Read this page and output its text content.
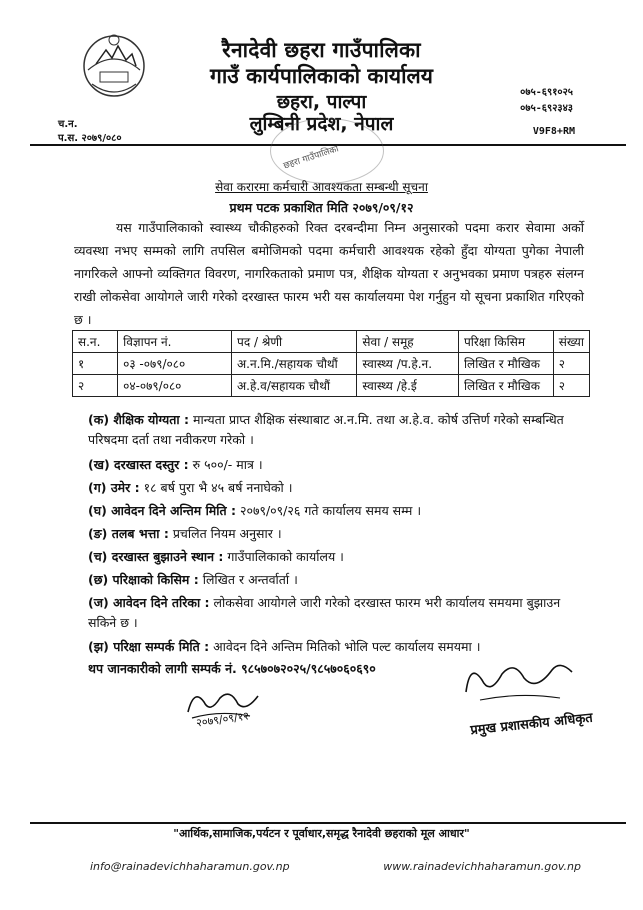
रैनादेवी छहरा गाउँपालिका
गाउँ कार्यपालिकाको कार्यालय
छहरा, पाल्पा
लुम्बिनी प्रदेश, नेपाल
०७५-६९१०२५
०७५-६९२३४३
V9F8+RM
च.न.
प.स. २०७९/०८०
छहरा गाउँपालिका
सेवा करारमा कर्मचारी आवश्यकता सम्बन्धी सूचना
प्रथम पटक प्रकाशित मिति २०७९/०९/१२
यस गाउँपालिकाको स्वास्थ्य चौकीहरुको रिक्त दरबन्दीमा निम्न अनुसारको पदमा करार सेवामा अर्को व्यवस्था नभए सम्मको लागि तपसिल बमोजिमको पदमा कर्मचारी आवश्यक रहेको हुँदा योग्यता पुगेका नेपाली नागरिकले आफ्नो व्यक्तिगत विवरण, नागरिकताको प्रमाण पत्र, शैक्षिक योग्यता र अनुभवका प्रमाण पत्रहरु संलग्न राखी लोकसेवा आयोगले जारी गरेको दरखास्त फारम भरी यस कार्यालयमा पेश गर्नुहुन यो सूचना प्रकाशित गरिएको छ ।
स.न.	विज्ञापन नं.	पद / श्रेणी	सेवा / समूह	परिक्षा किसिम	संख्या
१	०३ -०७९/०८०	अ.न.मि./सहायक चौथौं	स्वास्थ्य /प.हे.न.	लिखित र मौखिक	२
२	०४-०७९/०८०	अ.हे.व/सहायक चौथौं	स्वास्थ्य /हे.ई	लिखित र मौखिक	२
(क) शैक्षिक योग्यता : मान्यता प्राप्त शैक्षिक संस्थाबाट अ.न.मि. तथा अ.हे.व. कोर्ष उत्तिर्ण गरेको सम्बन्धित परिषदमा दर्ता तथा नवीकरण गरेको ।
(ख) दरखास्त दस्तुर : रु ५००/- मात्र ।
(ग) उमेर : १८ बर्ष पुरा भै ४५ बर्ष ननाघेको ।
(घ) आवेदन दिने अन्तिम मिति : २०७९/०९/२६ गते कार्यालय समय सम्म ।
(ङ) तलब भत्ता : प्रचलित नियम अनुसार ।
(च) दरखास्त बुझाउने स्थान : गाउँपालिकाको कार्यालय ।
(छ) परिक्षाको किसिम : लिखित र अन्तर्वार्ता ।
(ज) आवेदन दिने तरिका : लोकसेवा आयोगले जारी गरेको दरखास्त फारम भरी कार्यालय समयमा बुझाउन सकिने छ ।
(झ) परिक्षा सम्पर्क मिति : आवेदन दिने अन्तिम मितिको भोलि पल्ट कार्यालय समयमा ।
थप जानकारीको लागी सम्पर्क नं. ९८५७०७२०२५/९८५७०६०६९०
२०७९/०९/१२	प्रमुख प्रशासकीय अधिकृत
"आर्थिक,सामाजिक,पर्यटन र पूर्वाधार,समृद्ध रैनादेवी छहराको मूल आधार"
info@rainadevichhaharamun.gov.np	www.rainadevichhaharamun.gov.np
